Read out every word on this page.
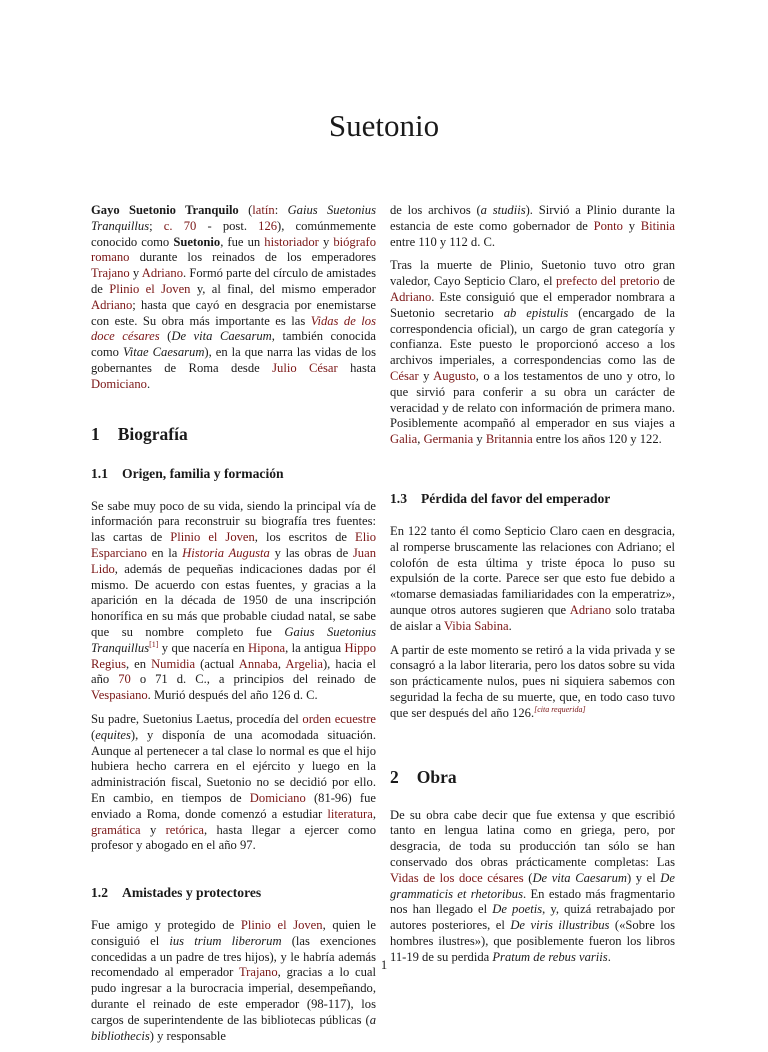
Suetonio

Gayo Suetonio Tranquilo (latín: Gaius Suetonius Tranquillus; c. 70 - post. 126), comúnmemente conocido como Suetonio, fue un historiador y biógrafo romano durante los reinados de los emperadores Trajano y Adriano. Formó parte del círculo de amistades de Plinio el Joven y, al final, del mismo emperador Adriano; hasta que cayó en desgracia por enemistarse con este. Su obra más importante es las Vidas de los doce césares (De vita Caesarum, también conocida como Vitae Caesarum), en la que narra las vidas de los gobernantes de Roma desde Julio César hasta Domiciano.

1 Biografía
1.1 Origen, familia y formación

Se sabe muy poco de su vida, siendo la principal vía de información para reconstruir su biografía tres fuentes: las cartas de Plinio el Joven, los escritos de Elio Esparciano en la Historia Augusta y las obras de Juan Lido, además de pequeñas indicaciones dadas por él mismo. De acuerdo con estas fuentes, y gracias a la aparición en la década de 1950 de una inscripción honorífica en su más que probable ciudad natal, se sabe que su nombre completo fue Gaius Suetonius Tranquillus[1] y que nacería en Hipona, la antigua Hippo Regius, en Numidia (actual Annaba, Argelia), hacia el año 70 o 71 d. C., a principios del reinado de Vespasiano. Murió después del año 126 d. C.

Su padre, Suetonius Laetus, procedía del orden ecuestre (equites), y disponía de una acomodada situación. Aunque al pertenecer a tal clase lo normal es que el hijo hubiera hecho carrera en el ejército y luego en la administración fiscal, Suetonio no se decidió por ello. En cambio, en tiempos de Domiciano (81-96) fue enviado a Roma, donde comenzó a estudiar literatura, gramática y retórica, hasta llegar a ejercer como profesor y abogado en el año 97.

1.2 Amistades y protectores

Fue amigo y protegido de Plinio el Joven, quien le consiguió el ius trium liberorum (las exenciones concedidas a un padre de tres hijos), y le habría además recomendado al emperador Trajano, gracias a lo cual pudo ingresar a la burocracia imperial, desempeñando, durante el reinado de este emperador (98-117), los cargos de superintendente de las bibliotecas públicas (a bibliothecis) y responsable

de los archivos (a studiis). Sirvió a Plinio durante la estancia de este como gobernador de Ponto y Bitinia entre 110 y 112 d. C.

Tras la muerte de Plinio, Suetonio tuvo otro gran valedor, Cayo Septicio Claro, el prefecto del pretorio de Adriano. Este consiguió que el emperador nombrara a Suetonio secretario ab epistulis (encargado de la correspondencia oficial), un cargo de gran categoría y confianza. Este puesto le proporcionó acceso a los archivos imperiales, a correspondencias como las de César y Augusto, o a los testamentos de uno y otro, lo que sirvió para conferir a su obra un carácter de veracidad y de relato con información de primera mano. Posiblemente acompañó al emperador en sus viajes a Galia, Germania y Britannia entre los años 120 y 122.

1.3 Pérdida del favor del emperador

En 122 tanto él como Septicio Claro caen en desgracia, al romperse bruscamente las relaciones con Adriano; el colofón de esta última y triste época lo puso su expulsión de la corte. Parece ser que esto fue debido a «tomarse demasiadas familiaridades con la emperatriz», aunque otros autores sugieren que Adriano solo trataba de aislar a Vibia Sabina.

A partir de este momento se retiró a la vida privada y se consagró a la labor literaria, pero los datos sobre su vida son prácticamente nulos, pues ni siquiera sabemos con seguridad la fecha de su muerte, que, en todo caso tuvo que ser después del año 126.[cita requerida]

2 Obra

De su obra cabe decir que fue extensa y que escribió tanto en lengua latina como en griega, pero, por desgracia, de toda su producción tan sólo se han conservado dos obras prácticamente completas: Las Vidas de los doce césares (De vita Caesarum) y el De grammaticis et rhetoribus. En estado más fragmentario nos han llegado el De poetis, y, quizá retrabajado por autores posteriores, el De viris illustribus («Sobre los hombres ilustres»), que posiblemente fueron los libros 11-19 de su perdida Pratum de rebus variis.

1
